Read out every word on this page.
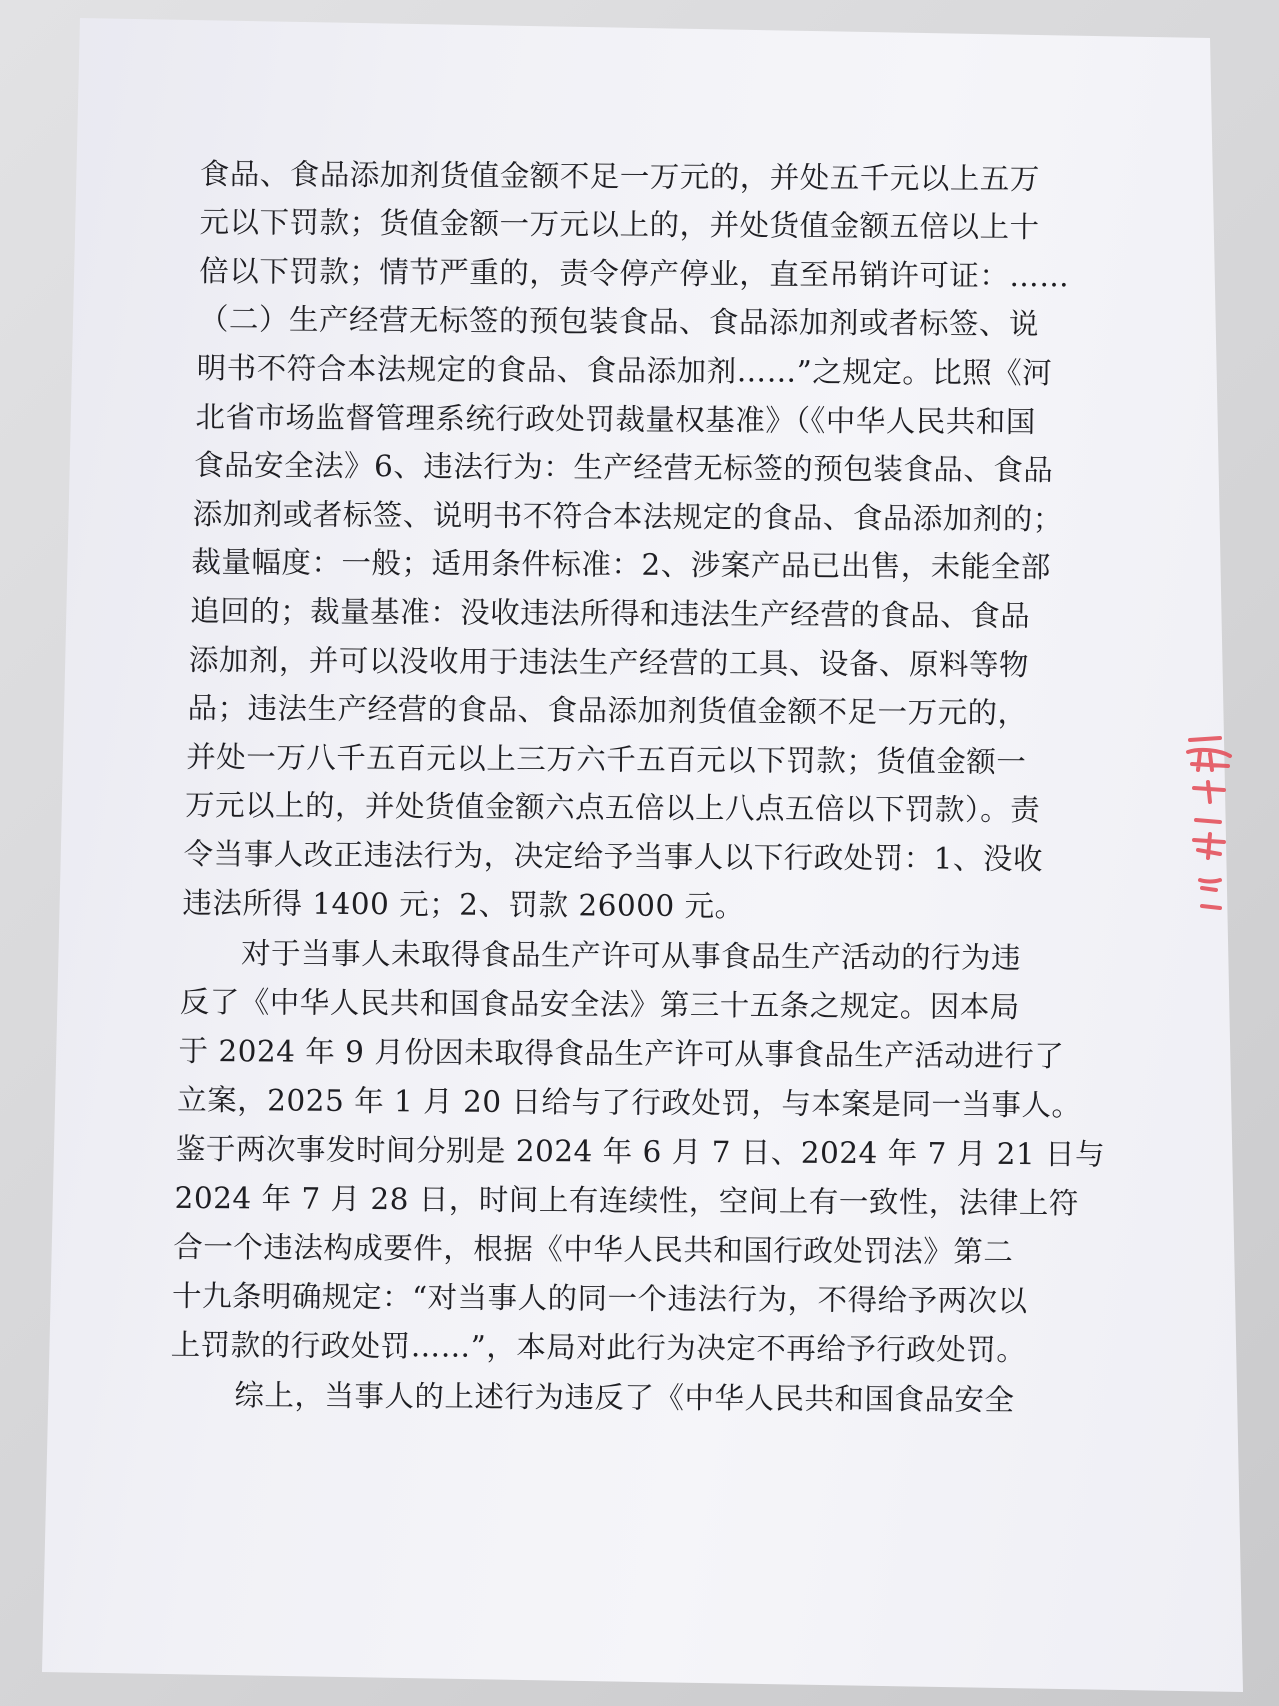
食品、食品添加剂货值金额不足一万元的，并处五千元以上五万
元以下罚款；货值金额一万元以上的，并处货值金额五倍以上十
倍以下罚款；情节严重的，责令停产停业，直至吊销许可证：……
（二）生产经营无标签的预包装食品、食品添加剂或者标签、说
明书不符合本法规定的食品、食品添加剂……”之规定。比照《河
北省市场监督管理系统行政处罚裁量权基准》（《中华人民共和国
食品安全法》6、违法行为：生产经营无标签的预包装食品、食品
添加剂或者标签、说明书不符合本法规定的食品、食品添加剂的；
裁量幅度：一般；适用条件标准：2、涉案产品已出售，未能全部
追回的；裁量基准：没收违法所得和违法生产经营的食品、食品
添加剂，并可以没收用于违法生产经营的工具、设备、原料等物
品；违法生产经营的食品、食品添加剂货值金额不足一万元的，
并处一万八千五百元以上三万六千五百元以下罚款；货值金额一
万元以上的，并处货值金额六点五倍以上八点五倍以下罚款）。责
令当事人改正违法行为，决定给予当事人以下行政处罚：1、没收
违法所得 1400 元；2、罚款 26000 元。
对于当事人未取得食品生产许可从事食品生产活动的行为违
反了《中华人民共和国食品安全法》第三十五条之规定。因本局
于 2024 年 9 月份因未取得食品生产许可从事食品生产活动进行了
立案，2025 年 1 月 20 日给与了行政处罚，与本案是同一当事人。
鉴于两次事发时间分别是 2024 年 6 月 7 日、2024 年 7 月 21 日与
2024 年 7 月 28 日，时间上有连续性，空间上有一致性，法律上符
合一个违法构成要件，根据《中华人民共和国行政处罚法》第二
十九条明确规定：“对当事人的同一个违法行为，不得给予两次以
上罚款的行政处罚……”，本局对此行为决定不再给予行政处罚。
综上，当事人的上述行为违反了《中华人民共和国食品安全
